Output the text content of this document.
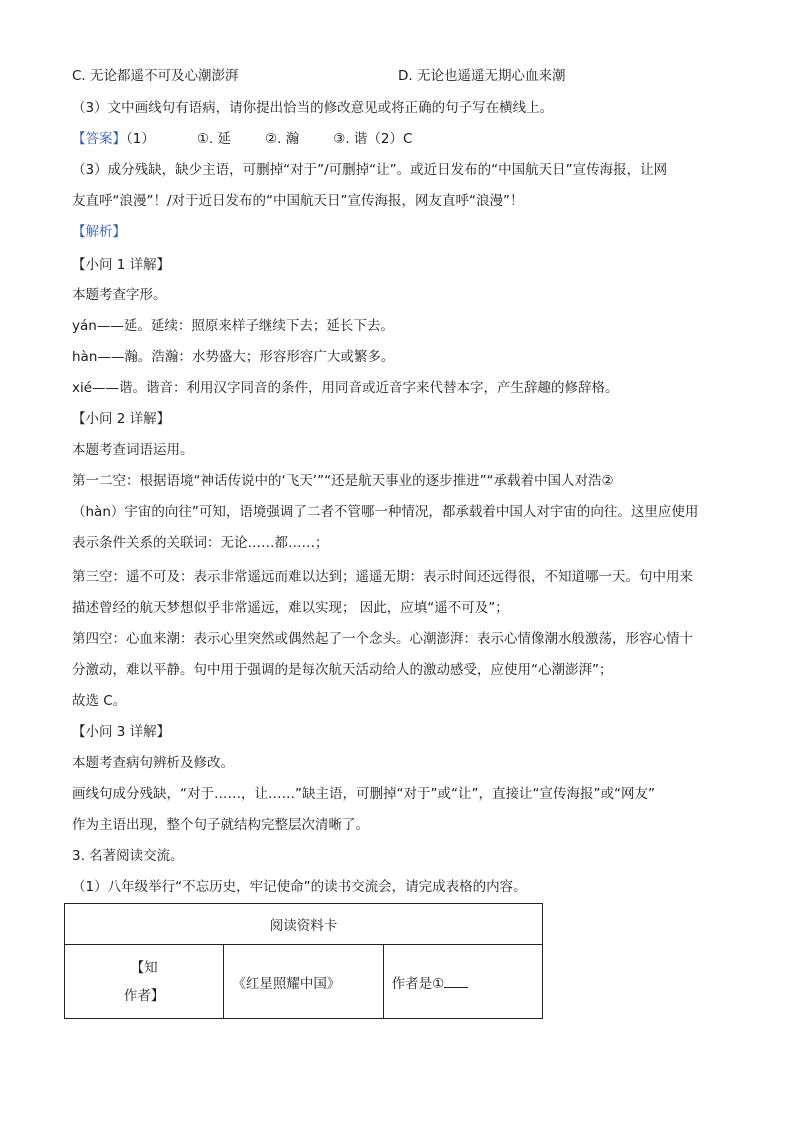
C. 无论都遥不可及心潮澎湃	D. 无论也遥遥无期心血来潮
（3）文中画线句有语病，请你提出恰当的修改意见或将正确的句子写在横线上。
【答案】（1）	①. 延	②. 瀚	③. 谐（2）C
（3）成分残缺，缺少主语，可删掉“对于”/可删掉“让”。或近日发布的“中国航天日”宣传海报，让网
友直呼“浪漫”！/对于近日发布的“中国航天日”宣传海报，网友直呼“浪漫”！
【解析】
【小问 1 详解】
本题考查字形。
yán——延。延续：照原来样子继续下去；延长下去。
hàn——瀚。浩瀚：水势盛大；形容形容广大或繁多。
xié——谐。谐音：利用汉字同音的条件，用同音或近音字来代替本字，产生辞趣的修辞格。
【小问 2 详解】
本题考查词语运用。
第一二空：根据语境“神话传说中的‘飞天’”“还是航天事业的逐步推进”“承载着中国人对浩②
（hàn）宇宙的向往”可知，语境强调了二者不管哪一种情况，都承载着中国人对宇宙的向往。这里应使用
表示条件关系的关联词：无论……都……；
第三空：遥不可及：表示非常遥远而难以达到；遥遥无期：表示时间还远得很，不知道哪一天。句中用来
描述曾经的航天梦想似乎非常遥远，难以实现； 因此，应填“遥不可及”；
第四空：心血来潮：表示心里突然或偶然起了一个念头。心潮澎湃：表示心情像潮水般激荡，形容心情十
分激动，难以平静。句中用于强调的是每次航天活动给人的激动感受，应使用“心潮澎湃”；
故选 C。
【小问 3 详解】
本题考查病句辨析及修改。
画线句成分残缺，“对于……，让……”缺主语，可删掉“对于”或“让”，直接让“宣传海报”或“网友”
作为主语出现，整个句子就结构完整层次清晰了。
3. 名著阅读交流。
（1）八年级举行“不忘历史，牢记使命”的读书交流会，请完成表格的内容。
阅读资料卡

【知
作者】
	《红星照耀中国》	作者是①
